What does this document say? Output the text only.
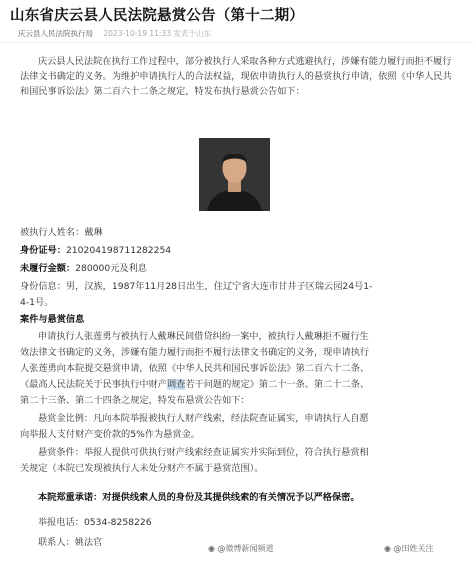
山东省庆云县人民法院悬赏公告（第十二期）
庆云县人民法院执行局 2023-10-19 11:33 发表于山东
庆云县人民法院在执行工作过程中，部分被执行人采取各种方式逃避执行，涉嫌有能力履行而拒不履行法律文书确定的义务。为维护申请执行人的合法权益，现依申请执行人的悬赏执行申请，依照《中华人民共和国民事诉讼法》第二百六十二条之规定，特发布执行悬赏公告如下：
被执行人姓名：戴琳
身份证号：210204198711282254
未履行金额：280000元及利息
身份信息：男，汉族，1987年11月28日出生，住辽宁省大连市甘井子区瑞云园24号1-
4-1号。
案件与悬赏信息
申请执行人张莲勇与被执行人戴琳民间借贷纠纷一案中，被执行人戴琳拒不履行生
效法律文书确定的义务，涉嫌有能力履行而拒不履行法律文书确定的义务，现申请执行
人张莲勇向本院提交悬赏申请，依照《中华人民共和国民事诉讼法》第二百六十二条、
《最高人民法院关于民事执行中财产调查若干问题的规定》第二十一条、第二十二条、
第二十三条、第二十四条之规定，特发布悬赏公告如下：
悬赏金比例：凡向本院举报被执行人财产线索，经法院查证属实，申请执行人自愿
向举报人支付财产变价款的5%作为悬赏金。
悬赏条件：举报人提供可供执行财产线索经查证属实并实际到位，符合执行悬赏相
关规定（本院已发现被执行人未处分财产不属于悬赏范围）。
本院郑重承诺：对提供线索人员的身份及其提供线索的有关情况予以严格保密。
举报电话：0534-8258226
联系人：姚法官
◉ @微博新闻频道	◉ @田姓关注
